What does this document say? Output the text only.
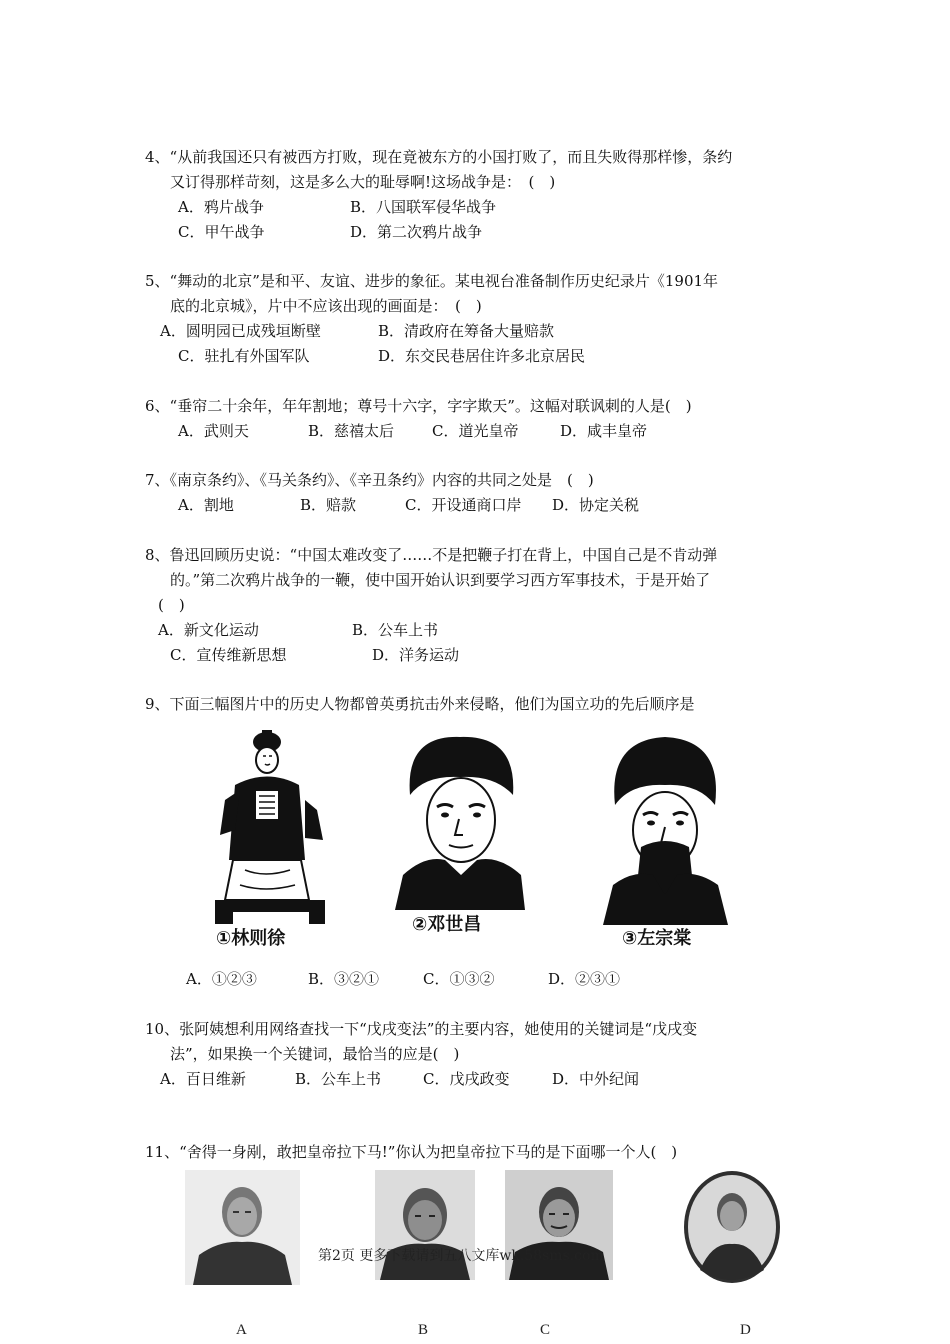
4、“从前我国还只有被西方打败，现在竟被东方的小国打败了，而且失败得那样惨，条约
又订得那样苛刻，这是多么大的耻辱啊!这场战争是：　(　)
A．鸦片战争	B．八国联军侵华战争
C．甲午战争	D．第二次鸦片战争
5、“舞动的北京”是和平、友谊、进步的象征。某电视台准备制作历史纪录片《1901年
底的北京城》，片中不应该出现的画面是：　(　)
A．圆明园已成残垣断壁	B．清政府在筹备大量赔款
C．驻扎有外国军队	D．东交民巷居住许多北京居民
6、“垂帘二十余年，年年割地；尊号十六字，字字欺天”。这幅对联讽刺的人是(　)
A．武则天	B．慈禧太后	C．道光皇帝	D．咸丰皇帝
7、《南京条约》、《马关条约》、《辛丑条约》内容的共同之处是　(　)
A．割地	B．赔款	C．开设通商口岸 D．协定关税
8、鲁迅回顾历史说：“中国太难改变了……不是把鞭子打在背上，中国自己是不肯动弹
的。”第二次鸦片战争的一鞭，使中国开始认识到要学习西方军事技术，于是开始了
(　)
A．新文化运动	B．公车上书
C．宣传维新思想	D．洋务运动
9、下面三幅图片中的历史人物都曾英勇抗击外来侵略，他们为国立功的先后顺序是
①林则徐
②邓世昌
③左宗棠
A．①②③	B．③②①	C．①③②	D．②③①
10、张阿姨想利用网络查找一下“戊戌变法”的主要内容，她使用的关键词是“戊戌变
法”，如果换一个关键词，最恰当的应是(　)
A．百日维新	B．公车上书	C．戊戌政变	D．中外纪闻
11、“舍得一身剐，敢把皇帝拉下马!”你认为把皇帝拉下马的是下面哪一个人(　)
第2页 更多下载请到五八文库wk.58sms.com
A	B	C	D
